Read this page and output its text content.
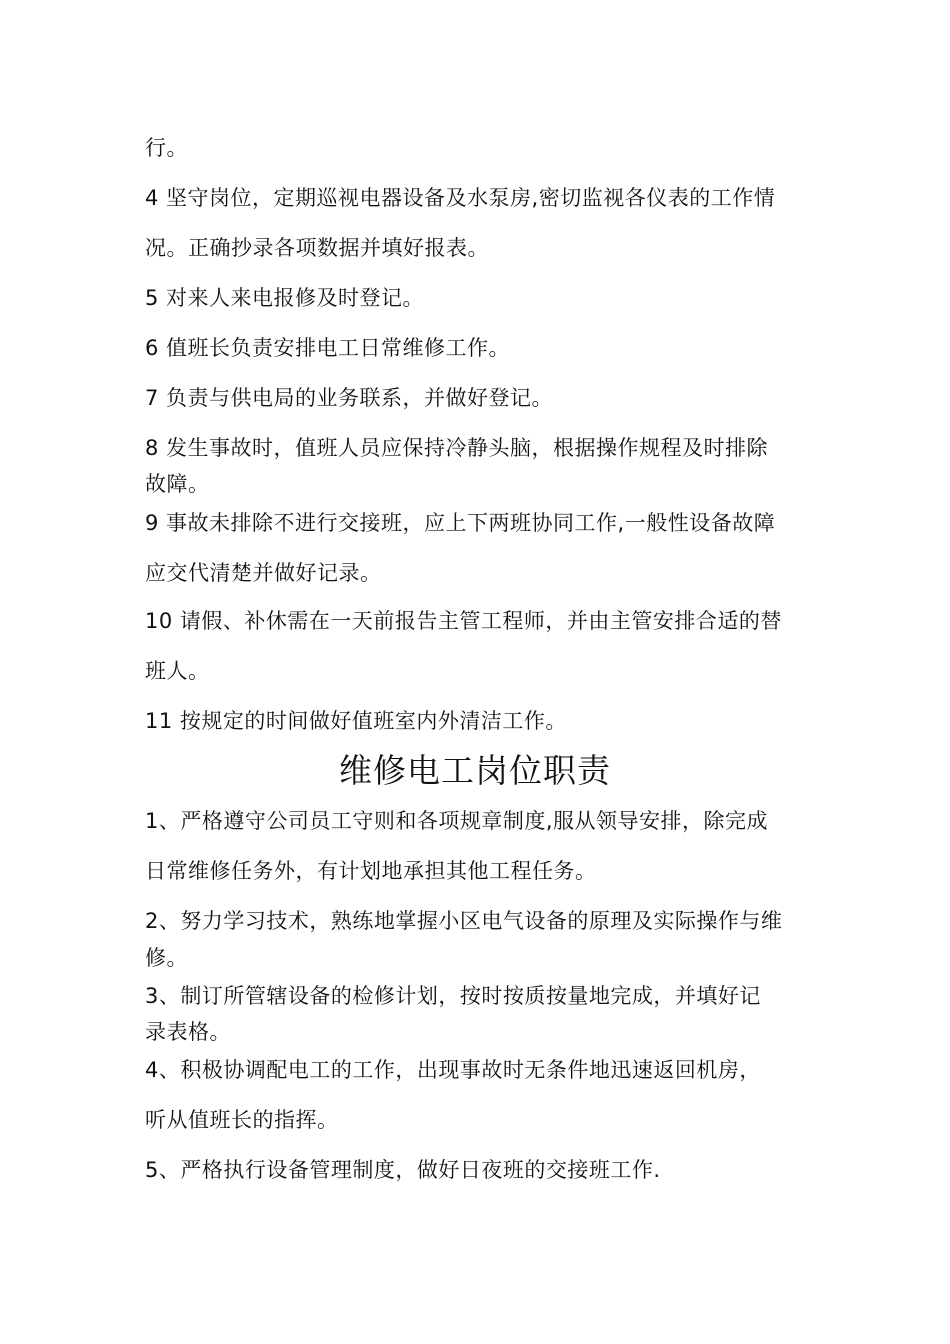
行。
4 坚守岗位，定期巡视电器设备及水泵房,密切监视各仪表的工作情
况。正确抄录各项数据并填好报表。
5 对来人来电报修及时登记。
6 值班长负责安排电工日常维修工作。
7 负责与供电局的业务联系，并做好登记。
8 发生事故时，值班人员应保持冷静头脑，根据操作规程及时排除
故障。
9 事故未排除不进行交接班，应上下两班协同工作,一般性设备故障
应交代清楚并做好记录。
10 请假、补休需在一天前报告主管工程师，并由主管安排合适的替
班人。
11 按规定的时间做好值班室内外清洁工作。
维修电工岗位职责
1、严格遵守公司员工守则和各项规章制度,服从领导安排，除完成
日常维修任务外，有计划地承担其他工程任务。
2、努力学习技术，熟练地掌握小区电气设备的原理及实际操作与维
修。
3、制订所管辖设备的检修计划，按时按质按量地完成，并填好记
录表格。
4、积极协调配电工的工作，出现事故时无条件地迅速返回机房，
听从值班长的指挥。
5、严格执行设备管理制度，做好日夜班的交接班工作.
